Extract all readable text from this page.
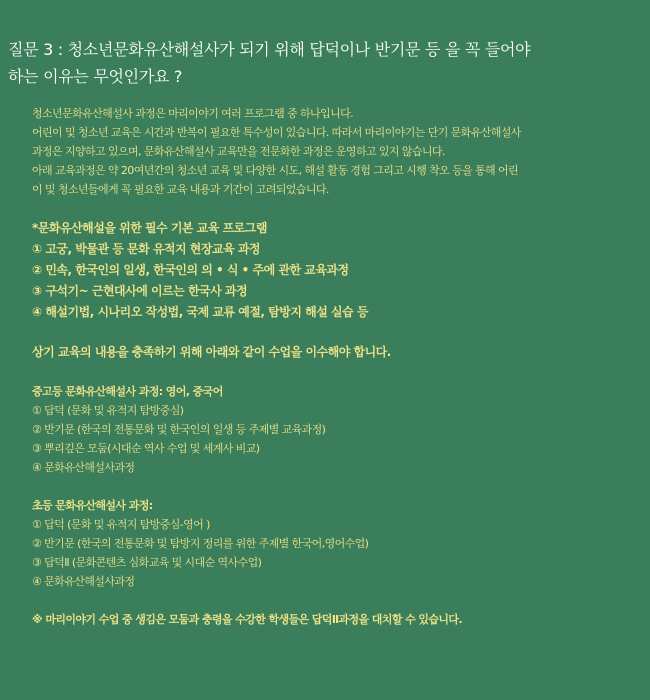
질문 3 : 청소년문화유산해설사가 되기 위해 답덕이나 반기문 등 을 꼭 들어야
하는 이유는 무엇인가요 ?
청소년문화유산해설사 과정은 마리이야기 여러 프로그램 중 하나입니다.
어린이 및 청소년 교육은 시간과 반복이 필요한 특수성이 있습니다. 따라서 마리이야기는 단기 문화유산해설사
과정은 지양하고 있으며, 문화유산해설사 교육만을 전문화한 과정은 운영하고 있지 않습니다.
아래 교육과정은 약 20여년간의 청소년 교육 및 다양한 시도, 해설 활동 경험 그리고 시행 착오 등을 통해 어린
이 및 청소년들에게 꼭 필요한 교육 내용과 기간이 고려되었습니다.
*문화유산해설을 위한 필수 기본 교육 프로그램
① 고궁, 박물관 등 문화 유적지 현장교육 과정
② 민속, 한국인의 일생, 한국인의 의 • 식 • 주에 관한 교육과정
③ 구석기~ 근현대사에 이르는 한국사 과정
④ 해설기법, 시나리오 작성법, 국제 교류 예절, 탐방지 해설 실습 등
상기 교육의 내용을 충족하기 위해 아래와 같이 수업을 이수해야 합니다.
중고등 문화유산해설사 과정: 영어, 중국어
① 답덕 (문화 및 유적지 탐방중심)
② 반기문 (한국의 전통문화 및 한국인의 일생 등 주제별 교육과정)
③ 뿌리깊은 모둠(시대순 역사 수업 및 세계사 비교)
④ 문화유산해설사과정
초등 문화유산해설사 과정:
① 답덕 (문화 및 유적지 탐방중심-영어 )
② 반기문 (한국의 전통문화 및 탐방지 정리를 위한 주제별 한국어,영어수업)
③ 답덕Ⅱ (문화콘텐츠 심화교육 및 시대순 역사수업)
④ 문화유산해설사과정
※ 마리이야기 수업 중 생김은 모둠과 충령을 수강한 학생들은 답덕Ⅱ과정을 대치할 수 있습니다.
